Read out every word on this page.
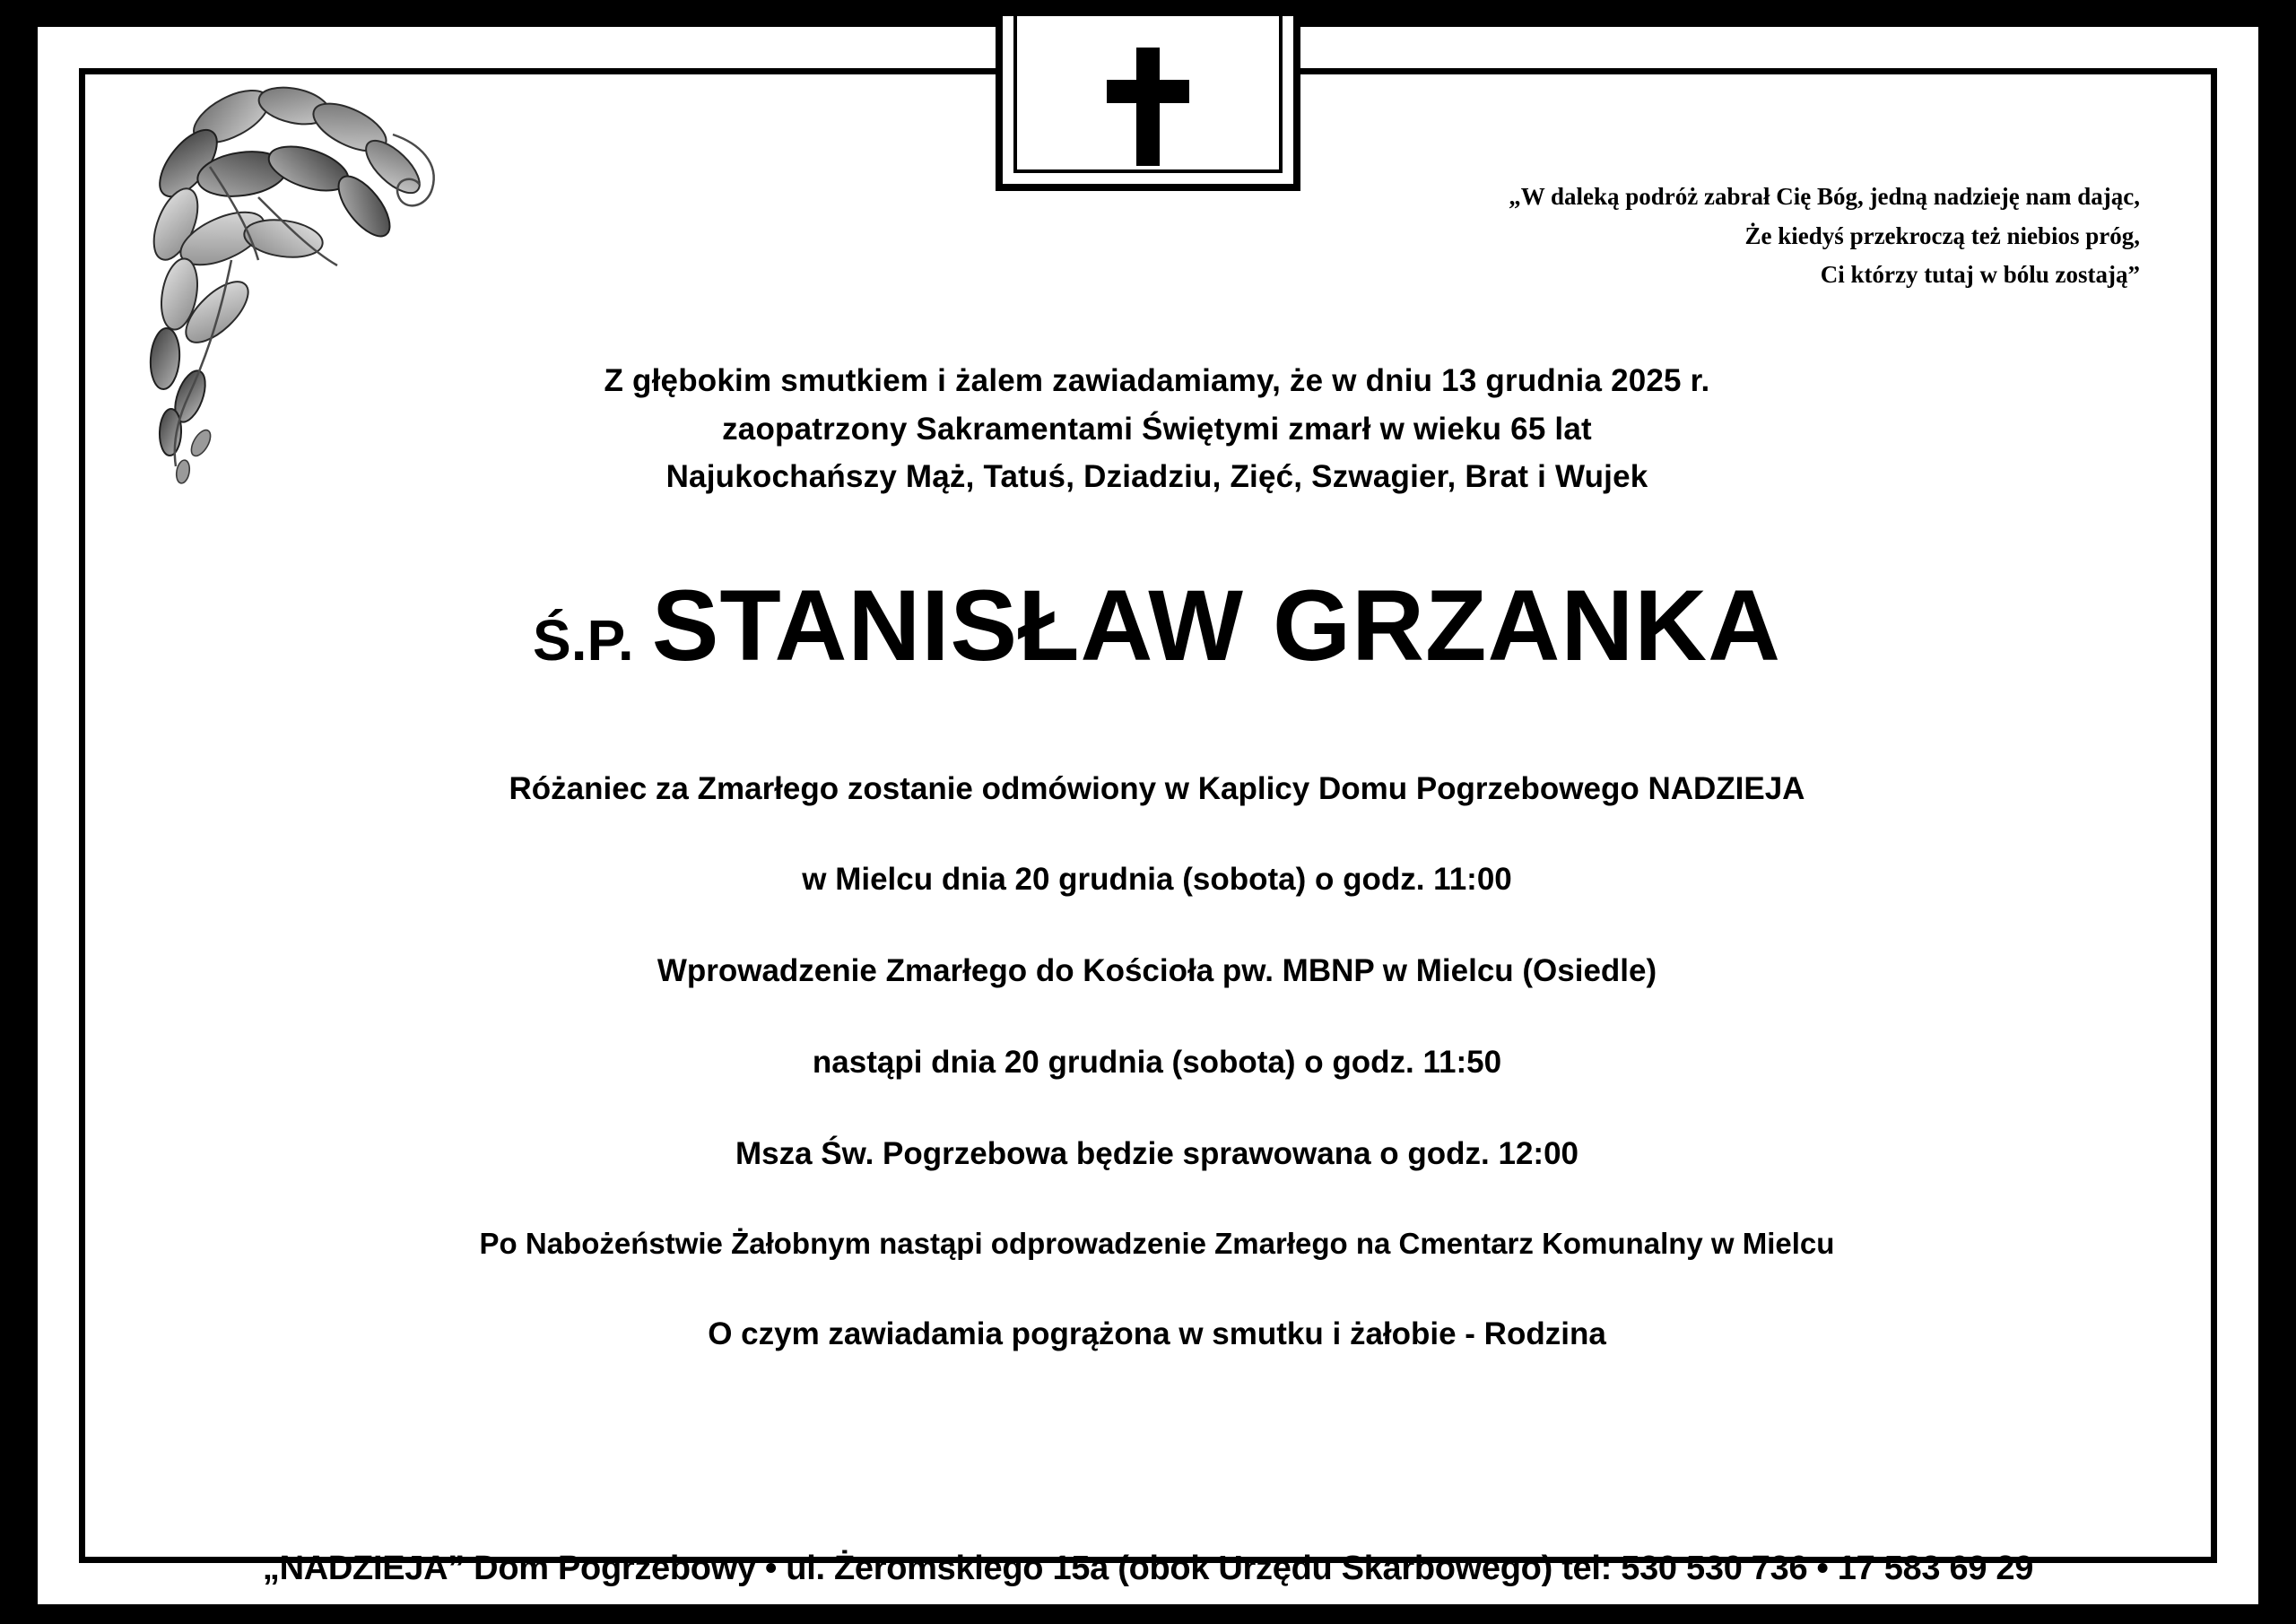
„W daleką podróż zabrał Cię Bóg, jedną nadzieję nam dając,
Że kiedyś przekroczą też niebios próg,
Ci którzy tutaj w bólu zostają”
Z głębokim smutkiem i żalem zawiadamiamy, że w dniu 13 grudnia 2025 r.
zaopatrzony Sakramentami Świętymi zmarł w wieku 65 lat
Najukochańszy Mąż, Tatuś, Dziadziu, Zięć, Szwagier, Brat i Wujek
Ś.P. STANISŁAW GRZANKA

Różaniec za Zmarłego zostanie odmówiony w Kaplicy Domu Pogrzebowego NADZIEJA

w Mielcu dnia 20 grudnia (sobota) o godz. 11:00

Wprowadzenie Zmarłego do Kościoła pw. MBNP w Mielcu (Osiedle)

nastąpi dnia 20 grudnia (sobota) o godz. 11:50

Msza Św. Pogrzebowa będzie sprawowana o godz. 12:00

Po Nabożeństwie Żałobnym nastąpi odprowadzenie Zmarłego na Cmentarz Komunalny w Mielcu

O czym zawiadamia pogrążona w smutku i żałobie - Rodzina

„NADZIEJA” Dom Pogrzebowy • ul. Żeromskiego 15a (obok Urzędu Skarbowego) tel: 530 530 736 • 17 583 69 29
